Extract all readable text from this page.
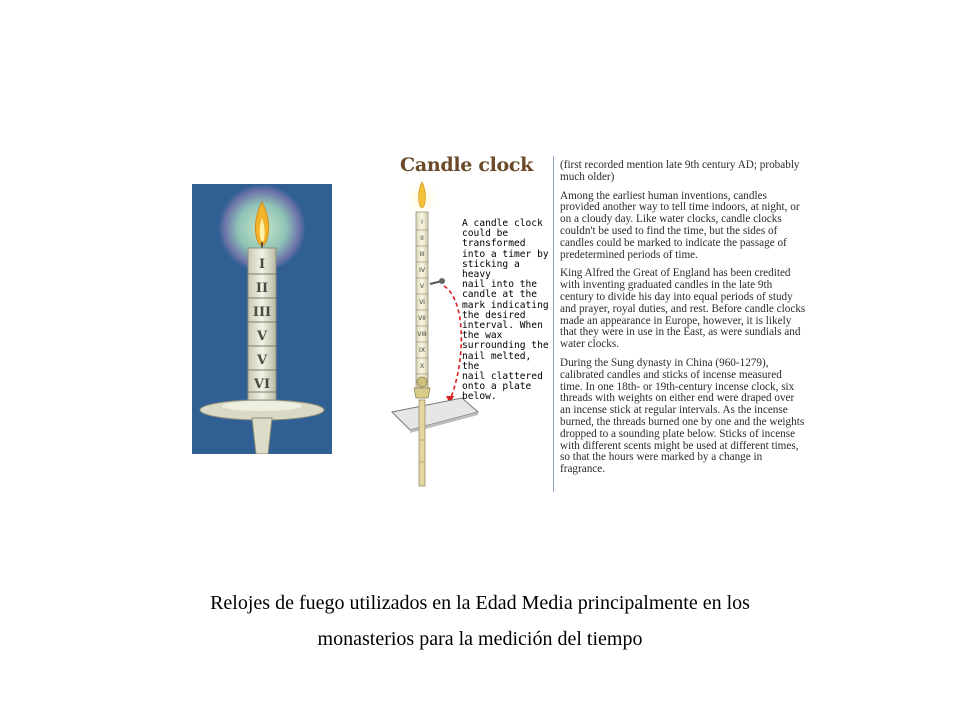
I
II
III
V
V
VI
I
II
III
IV
V
VI
VII
VIII
IX
X
Candle clock
A candle clock
could be
transformed
into a timer by
sticking a heavy
nail into the
candle at the
mark indicating
the desired
interval. When
the wax
surrounding the
nail melted, the
nail clattered
onto a plate
below.

(first recorded mention late 9th century AD; probably much older)

Among the earliest human inventions, candles provided another way to tell time indoors, at night, or on a cloudy day. Like water clocks, candle clocks couldn't be used to find the time, but the sides of candles could be marked to indicate the passage of predetermined periods of time.

King Alfred the Great of England has been credited with inventing graduated candles in the late 9th century to divide his day into equal periods of study and prayer, royal duties, and rest. Before candle clocks made an appearance in Europe, however, it is likely that they were in use in the East, as were sundials and water clocks.

During the Sung dynasty in China (960-1279), calibrated candles and sticks of incense measured time. In one 18th- or 19th-century incense clock, six threads with weights on either end were draped over an incense stick at regular intervals. As the incense burned, the threads burned one by one and the weights dropped to a sounding plate below. Sticks of incense with different scents might be used at different times, so that the hours were marked by a change in fragrance.

Relojes de fuego utilizados en la Edad Media principalmente en los
monasterios para la medición del tiempo
